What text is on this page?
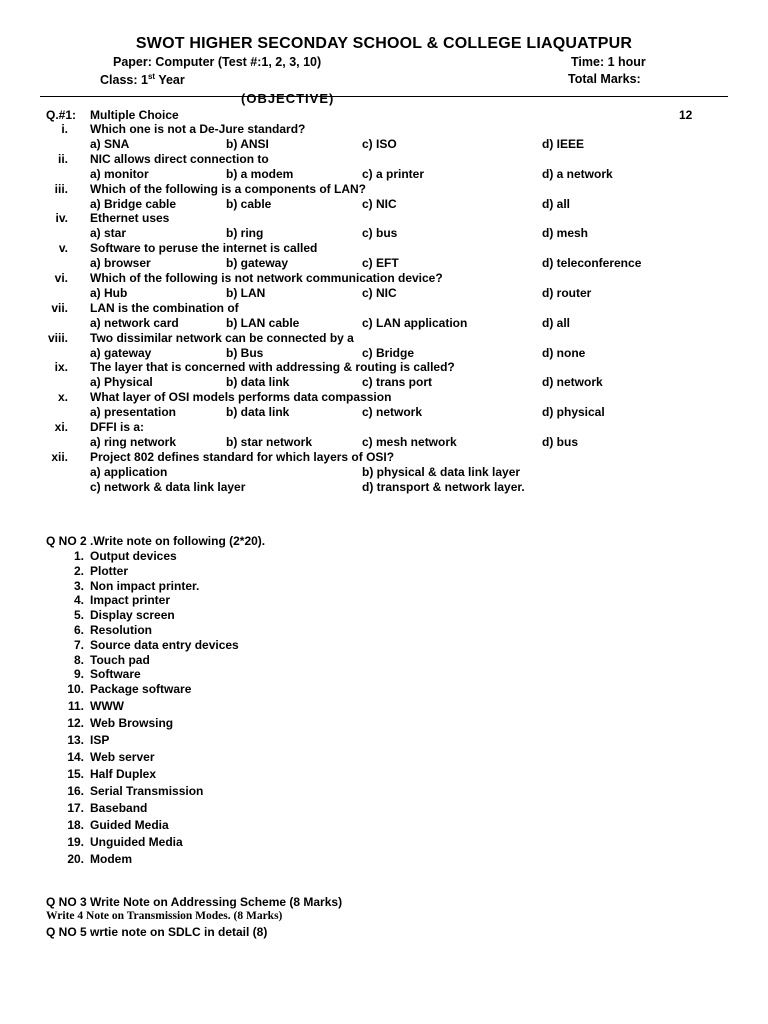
SWOT HIGHER SECONDAY SCHOOL & COLLEGE LIAQUATPUR
Paper: Computer (Test #:1, 2, 3, 10)	Time: 1 hour
Class: 1st Year	Total Marks:
(OBJECTIVE)
Q.#1: Multiple Choice	12
i. Which one is not a De-Jure standard?
a) SNA	b) ANSI	c) ISO	d) IEEE
ii. NIC allows direct connection to
a) monitor	b) a modem	c) a printer	d) a network
iii. Which of the following is a components of LAN?
a) Bridge cable	b) cable	c) NIC	d) all
iv. Ethernet uses
a) star	b) ring	c) bus	d) mesh
v. Software to peruse the internet is called
a) browser	b) gateway	c) EFT	d) teleconference
vi. Which of the following is not network communication device?
a) Hub	b) LAN	c) NIC	d) router
vii. LAN is the combination of
a) network card	b) LAN cable	c) LAN application	d) all
viii. Two dissimilar network can be connected by a
a) gateway	b) Bus	c) Bridge	d) none
ix. The layer that is concerned with addressing & routing is called?
a) Physical	b) data link	c) trans port	d) network
x. What layer of OSI models performs data compassion
a) presentation	b) data link	c) network	d) physical
xi. DFFI is a:
a) ring network	b) star network	c) mesh network	d) bus
xii. Project 802 defines standard for which layers of OSI?
a) application	b) physical & data link layer
c) network & data link layer	d) transport & network layer.
Q NO 2 .Write note on following (2*20).
1. Output devices
2. Plotter
3. Non impact printer.
4. Impact printer
5. Display screen
6. Resolution
7. Source data entry devices
8. Touch pad
9. Software
10. Package software
11. WWW
12. Web Browsing
13. ISP
14. Web server
15. Half Duplex
16. Serial Transmission
17. Baseband
18. Guided Media
19. Unguided Media
20. Modem
Q NO 3 Write Note on Addressing Scheme (8 Marks)
Write 4 Note on Transmission Modes. (8 Marks)
Q NO 5 wrtie note on SDLC in detail (8)
